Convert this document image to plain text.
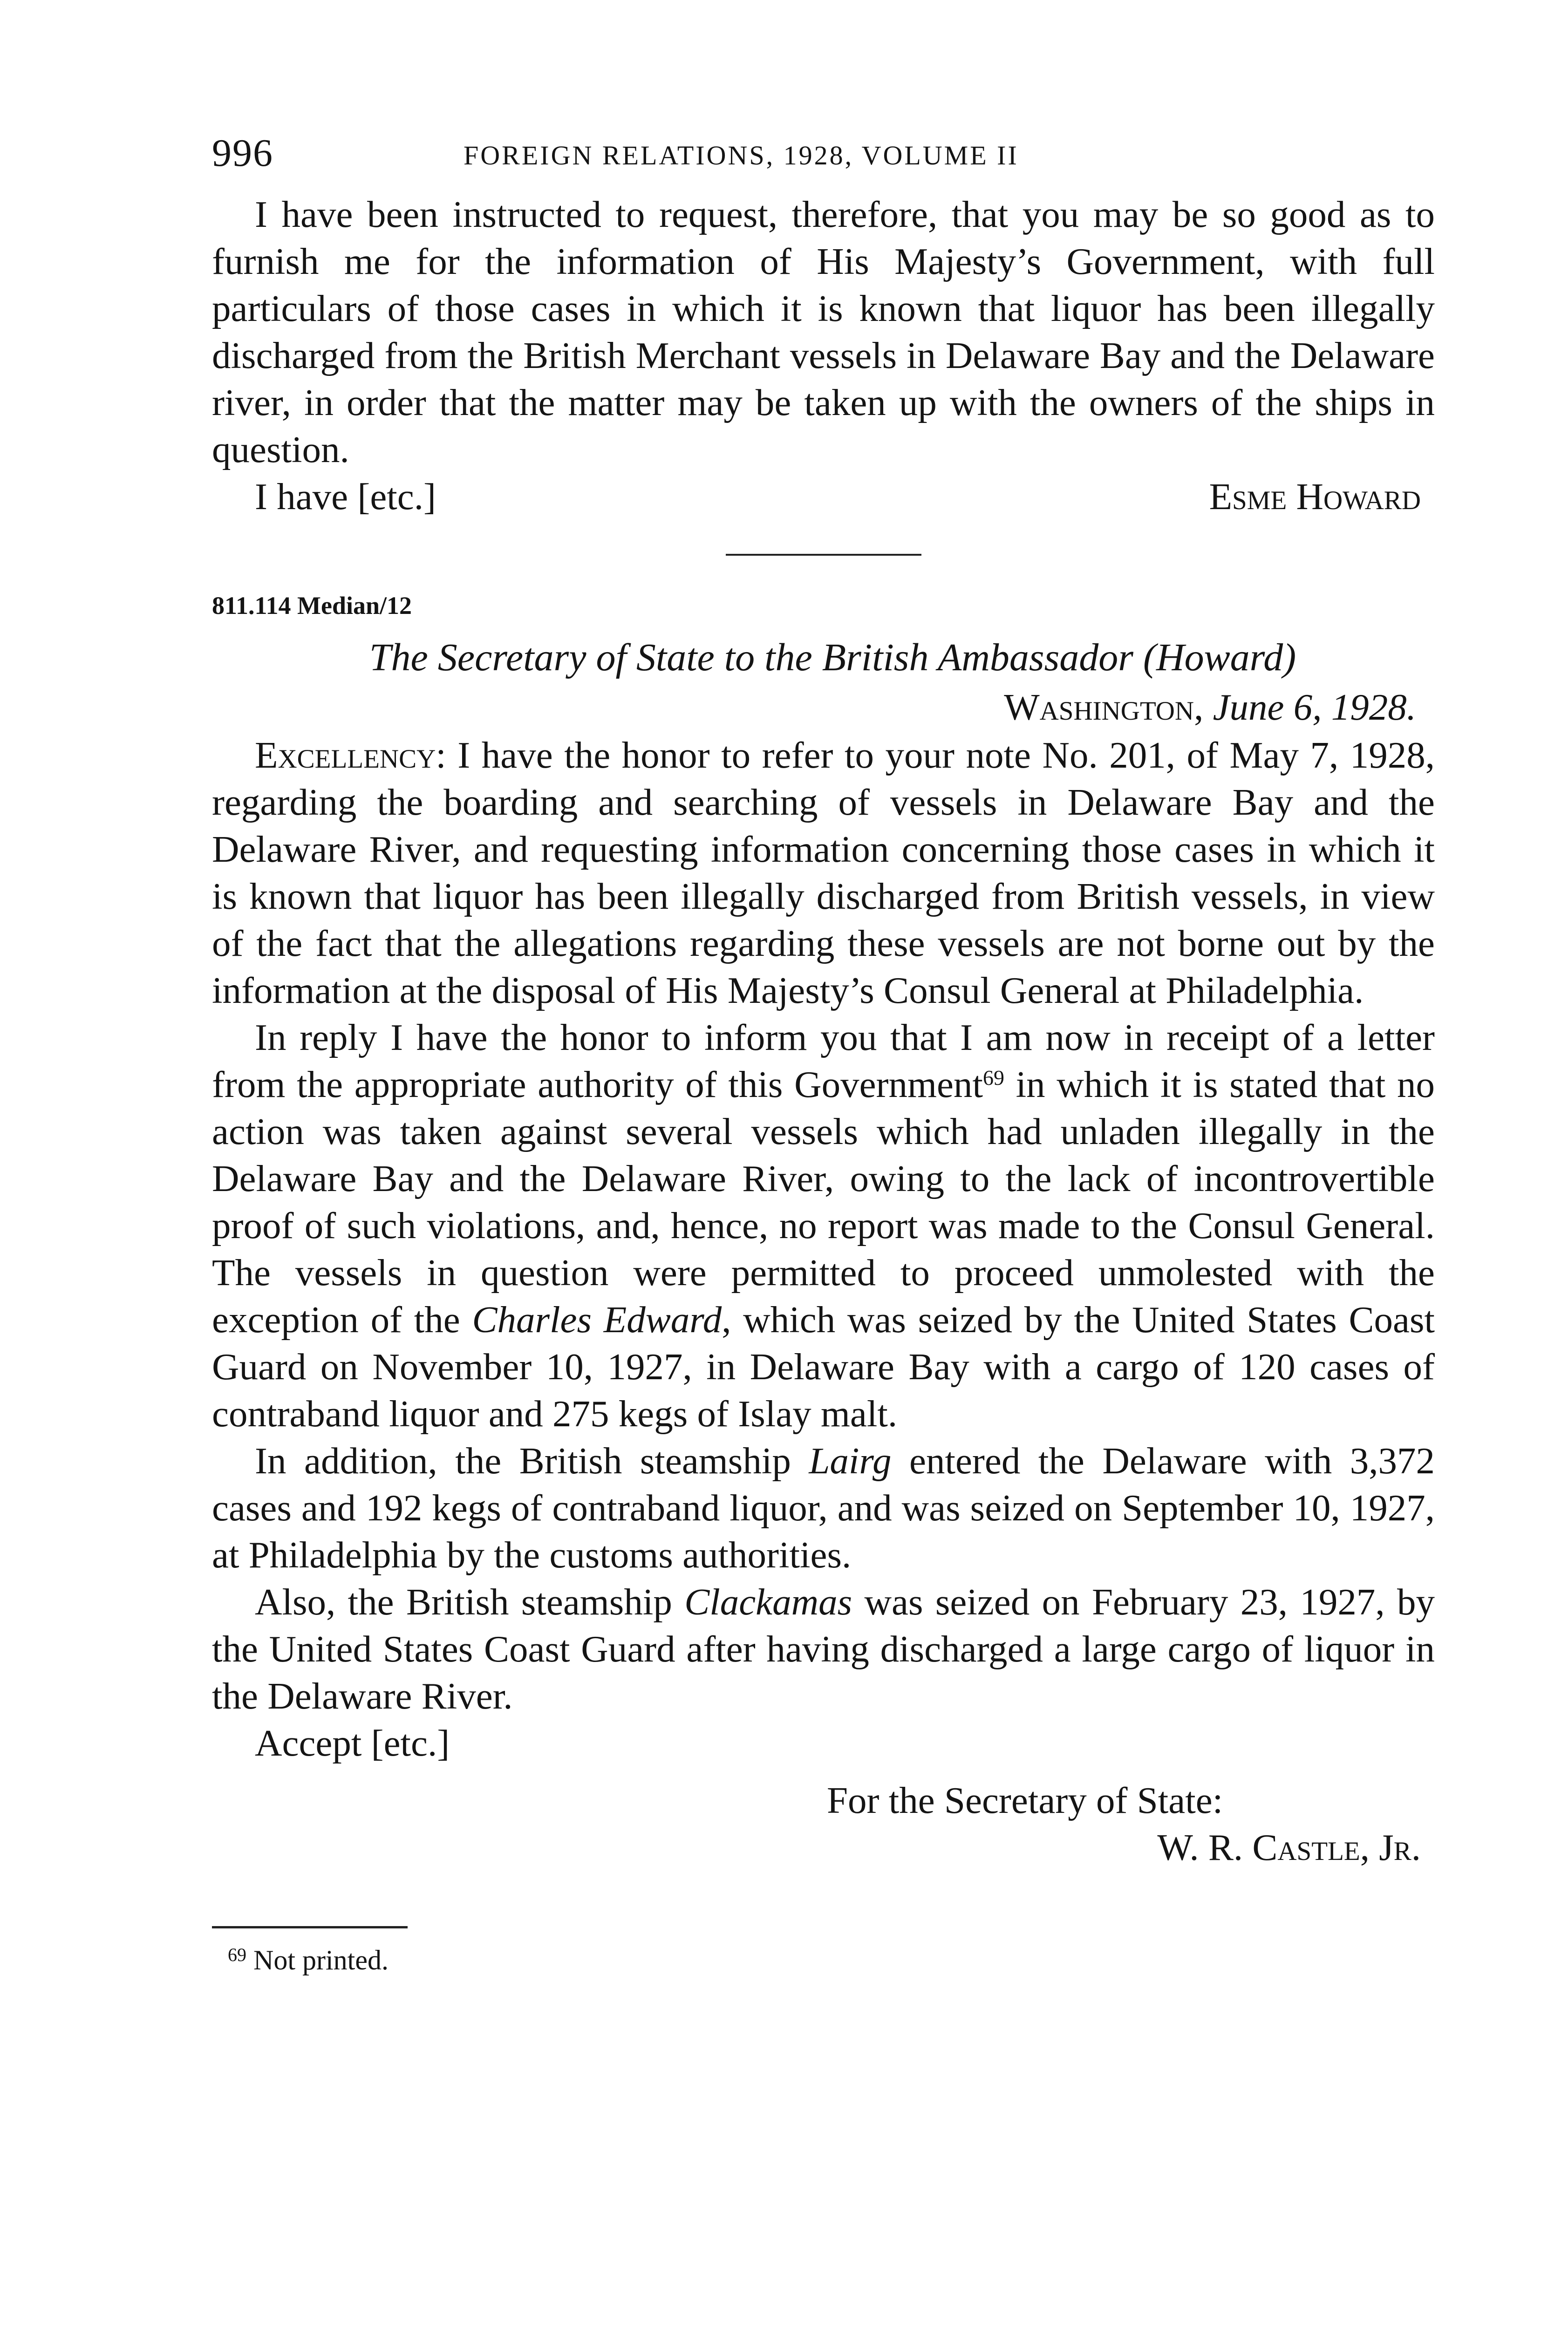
996	FOREIGN RELATIONS, 1928, VOLUME II

I have been instructed to request, therefore, that you may be so good as to furnish me for the information of His Majesty’s Government, with full particulars of those cases in which it is known that liquor has been illegally discharged from the British Merchant vessels in Delaware Bay and the Delaware river, in order that the matter may be taken up with the owners of the ships in question.

I have [etc.]	Esme Howard
811.114 Median/12
The Secretary of State to the British Ambassador (Howard)
Washington, June 6, 1928.

Excellency: I have the honor to refer to your note No. 201, of May 7, 1928, regarding the boarding and searching of vessels in Delaware Bay and the Delaware River, and requesting information concerning those cases in which it is known that liquor has been illegally discharged from British vessels, in view of the fact that the allegations regarding these vessels are not borne out by the information at the disposal of His Majesty’s Consul General at Philadelphia.

In reply I have the honor to inform you that I am now in receipt of a letter from the appropriate authority of this Government$^{69}$ in which it is stated that no action was taken against several vessels which had unladen illegally in the Delaware Bay and the Delaware River, owing to the lack of incontrovertible proof of such violations, and, hence, no report was made to the Consul General. The vessels in question were permitted to proceed unmolested with the exception of the Charles Edward, which was seized by the United States Coast Guard on November 10, 1927, in Delaware Bay with a cargo of 120 cases of contraband liquor and 275 kegs of Islay malt.

In addition, the British steamship Lairg entered the Delaware with 3,372 cases and 192 kegs of contraband liquor, and was seized on September 10, 1927, at Philadelphia by the customs authorities.

Also, the British steamship Clackamas was seized on February 23, 1927, by the United States Coast Guard after having discharged a large cargo of liquor in the Delaware River.

Accept [etc.]

For the Secretary of State:
W. R. Castle, Jr.
$^{69}$ Not printed.
